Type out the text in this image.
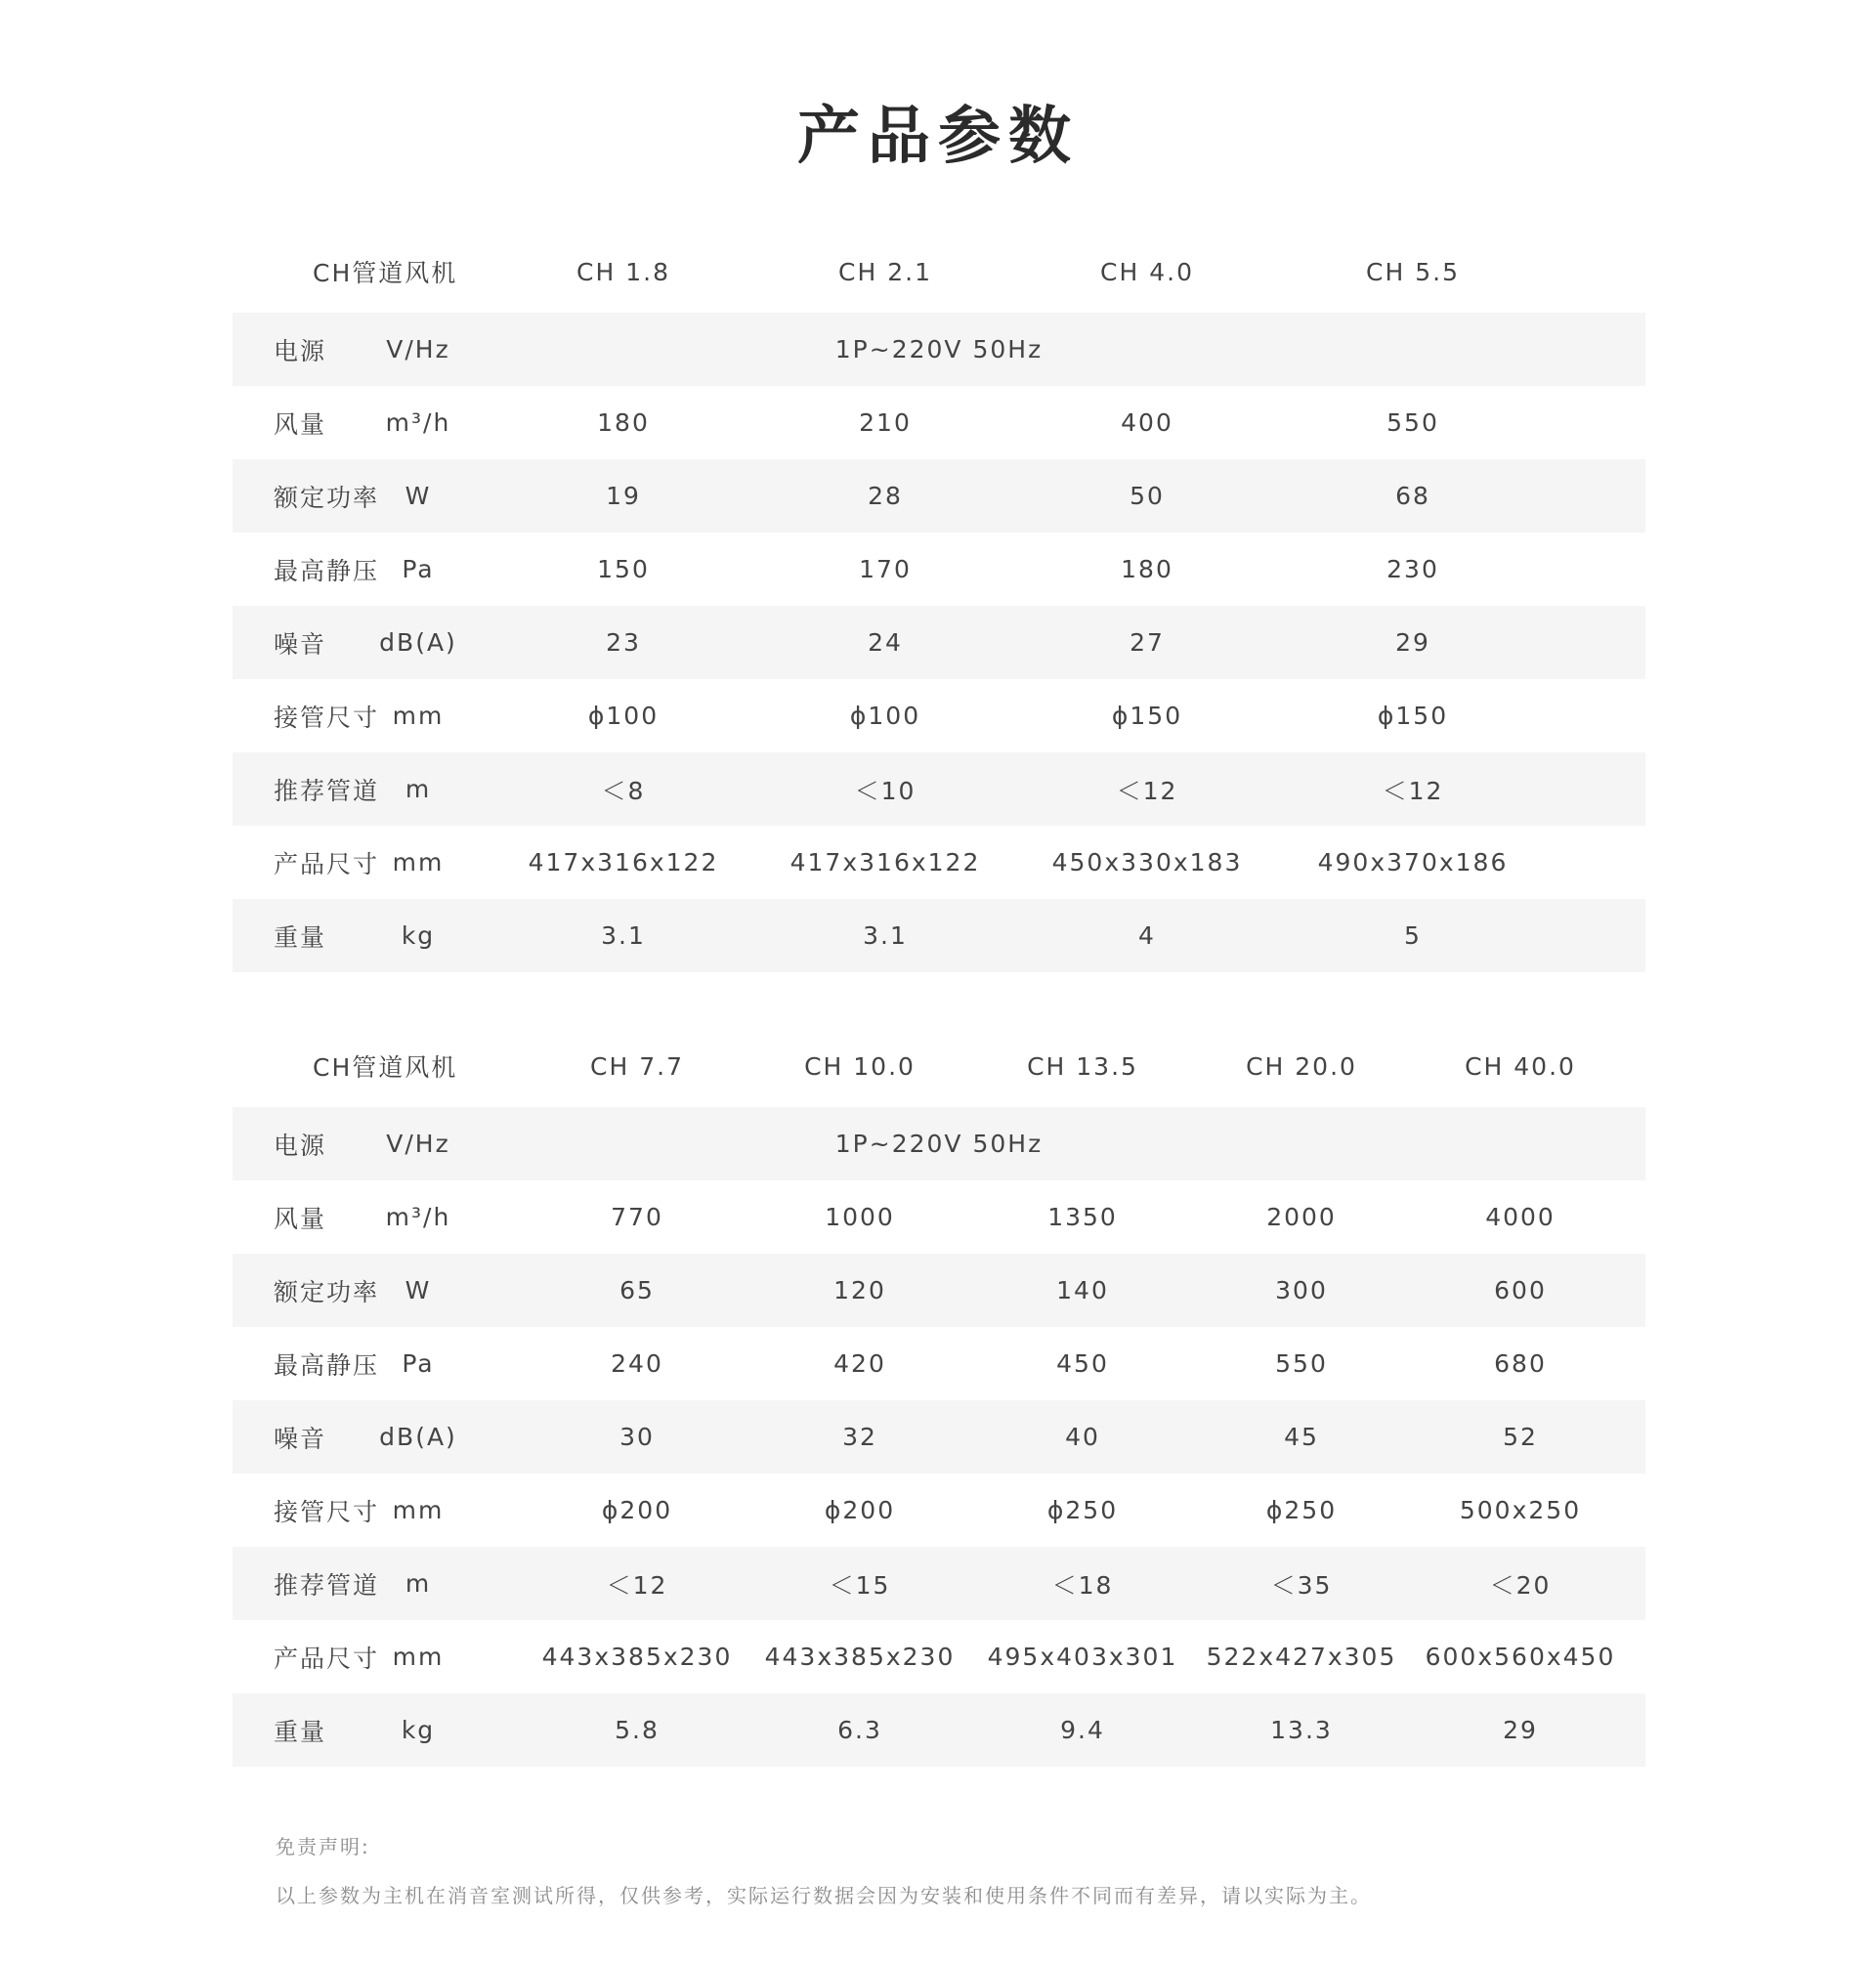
产品参数
CH管道风机	CH 1.8	CH 2.1	CH 4.0	CH 5.5
电源	V/Hz	1P~220V 50Hz
风量	m³/h	180	210	400	550
额定功率	W	19	28	50	68
最高静压 Pa	150	170	180	230
噪音	dB(A)	23	24	27	29
接管尺寸 mm	ϕ100	ϕ100	ϕ150	ϕ150
推荐管道	m	＜8	＜10	＜12	＜12
产品尺寸 mm	417x316x122	417x316x122	450x330x183	490x370x186
重量	kg	3.1	3.1	4	5
CH管道风机	CH 7.7	CH 10.0	CH 13.5	CH 20.0	CH 40.0
电源	V/Hz	1P~220V 50Hz
风量	m³/h	770	1000	1350	2000	4000
额定功率	W	65	120	140	300	600
最高静压 Pa	240	420	450	550	680
噪音	dB(A)	30	32	40	45	52
接管尺寸 mm	ϕ200	ϕ200	ϕ250	ϕ250	500x250
推荐管道	m	＜12	＜15	＜18	＜35	＜20
产品尺寸 mm	443x385x230 443x385x230 495x403x301 522x427x305 600x560x450
重量	kg	5.8	6.3	9.4	13.3	29
免责声明:
以上参数为主机在消音室测试所得，仅供参考，实际运行数据会因为安装和使用条件不同而有差异，请以实际为主。
